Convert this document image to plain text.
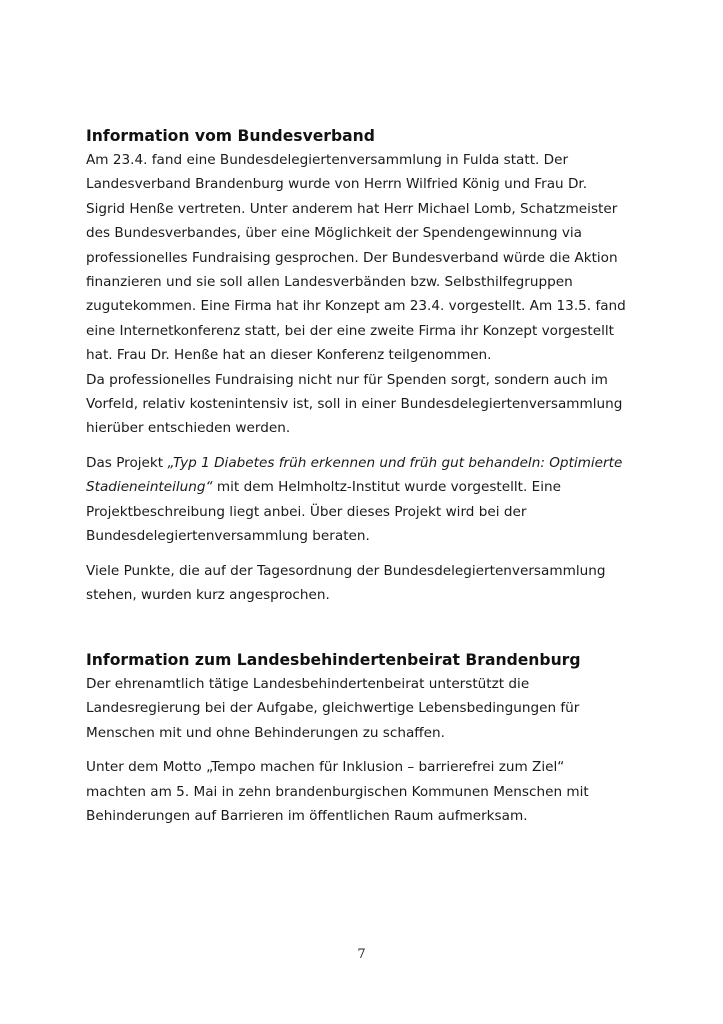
Information vom Bundesverband

Am 23.4. fand eine Bundesdelegiertenversammlung in Fulda statt. Der
Landesverband Brandenburg wurde von Herrn Wilfried König und Frau Dr.
Sigrid Henße vertreten. Unter anderem hat Herr Michael Lomb, Schatzmeister
des Bundesverbandes, über eine Möglichkeit der Spendengewinnung via
professionelles Fundraising gesprochen. Der Bundesverband würde die Aktion
finanzieren und sie soll allen Landesverbänden bzw. Selbsthilfegruppen
zugutekommen. Eine Firma hat ihr Konzept am 23.4. vorgestellt. Am 13.5. fand
eine Internetkonferenz statt, bei der eine zweite Firma ihr Konzept vorgestellt
hat. Frau Dr. Henße hat an dieser Konferenz teilgenommen.
Da professionelles Fundraising nicht nur für Spenden sorgt, sondern auch im
Vorfeld, relativ kostenintensiv ist, soll in einer Bundesdelegiertenversammlung
hierüber entschieden werden.

Das Projekt „Typ 1 Diabetes früh erkennen und früh gut behandeln: Optimierte
Stadieneinteilung“ mit dem Helmholtz-Institut wurde vorgestellt. Eine
Projektbeschreibung liegt anbei. Über dieses Projekt wird bei der
Bundesdelegiertenversammlung beraten.

Viele Punkte, die auf der Tagesordnung der Bundesdelegiertenversammlung
stehen, wurden kurz angesprochen.

Information zum Landesbehindertenbeirat Brandenburg

Der ehrenamtlich tätige Landesbehindertenbeirat unterstützt die
Landesregierung bei der Aufgabe, gleichwertige Lebensbedingungen für
Menschen mit und ohne Behinderungen zu schaffen.

Unter dem Motto „Tempo machen für Inklusion – barrierefrei zum Ziel“
machten am 5. Mai in zehn brandenburgischen Kommunen Menschen mit
Behinderungen auf Barrieren im öffentlichen Raum aufmerksam.

7
